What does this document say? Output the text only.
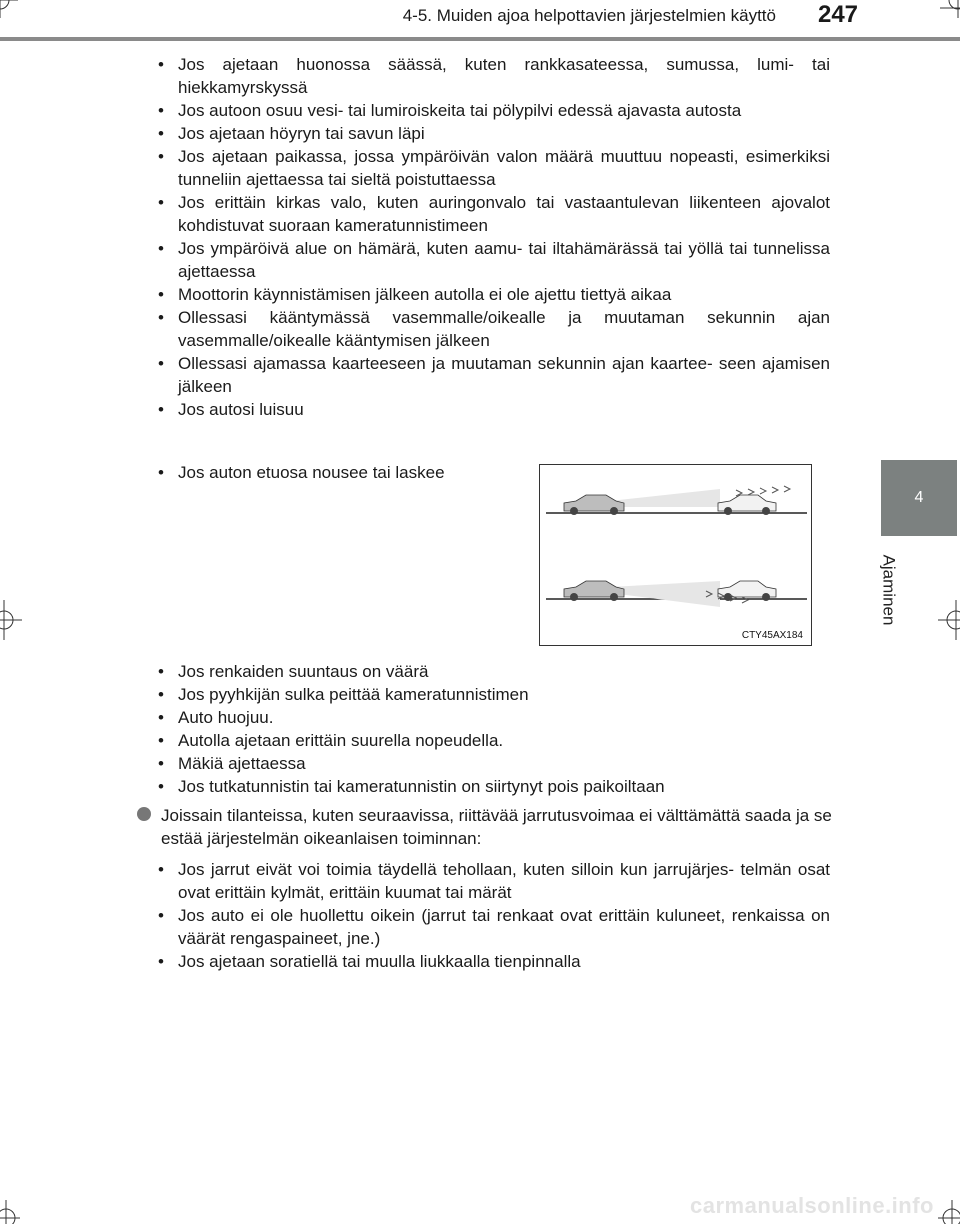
4-5. Muiden ajoa helpottavien järjestelmien käyttö	247
4
Ajaminen
• Jos ajetaan huonossa säässä, kuten rankkasateessa, sumussa, lumi- tai hiekkamyrskyssä
• Jos autoon osuu vesi- tai lumiroiskeita tai pölypilvi edessä ajavasta autosta
• Jos ajetaan höyryn tai savun läpi
• Jos ajetaan paikassa, jossa ympäröivän valon määrä muuttuu nopeasti, esimerkiksi tunneliin ajettaessa tai sieltä poistuttaessa
• Jos erittäin kirkas valo, kuten auringonvalo tai vastaantulevan liikenteen ajovalot kohdistuvat suoraan kameratunnistimeen
• Jos ympäröivä alue on hämärä, kuten aamu- tai iltahämärässä tai yöllä tai tunnelissa ajettaessa
• Moottorin käynnistämisen jälkeen autolla ei ole ajettu tiettyä aikaa
• Ollessasi kääntymässä vasemmalle/oikealle ja muutaman sekunnin ajan vasemmalle/oikealle kääntymisen jälkeen
• Ollessasi ajamassa kaarteeseen ja muutaman sekunnin ajan kaartee- seen ajamisen jälkeen
• Jos autosi luisuu
• Jos auton etuosa nousee tai laskee
CTY45AX184
• Jos renkaiden suuntaus on väärä
• Jos pyyhkijän sulka peittää kameratunnistimen
• Auto huojuu.
• Autolla ajetaan erittäin suurella nopeudella.
• Mäkiä ajettaessa
• Jos tutkatunnistin tai kameratunnistin on siirtynyt pois paikoiltaan
Joissain tilanteissa, kuten seuraavissa, riittävää jarrutusvoimaa ei välttämättä saada ja se estää järjestelmän oikeanlaisen toiminnan:
• Jos jarrut eivät voi toimia täydellä tehollaan, kuten silloin kun jarrujärjes- telmän osat ovat erittäin kylmät, erittäin kuumat tai märät
• Jos auto ei ole huollettu oikein (jarrut tai renkaat ovat erittäin kuluneet, renkaissa on väärät rengaspaineet, jne.)
• Jos ajetaan soratiellä tai muulla liukkaalla tienpinnalla
carmanualsonline.info
